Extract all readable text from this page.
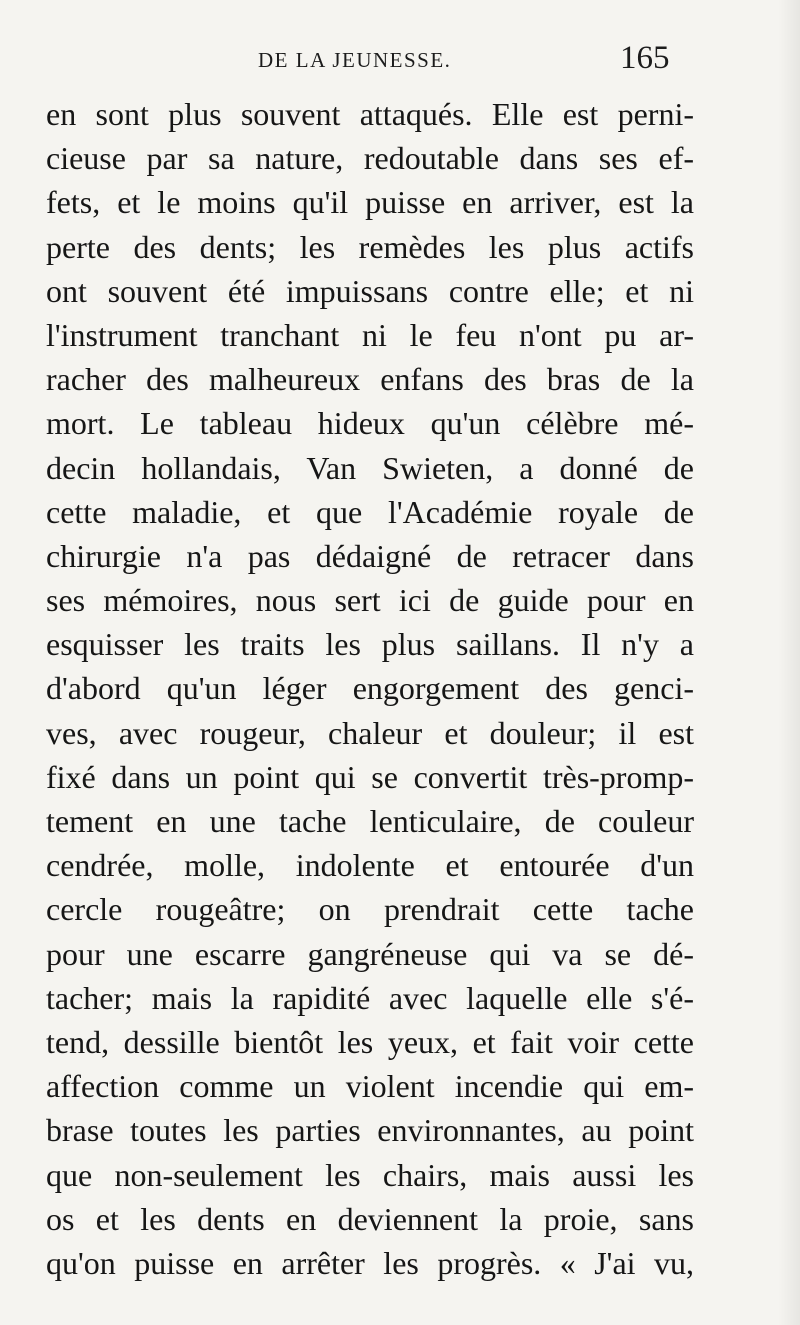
DE LA JEUNESSE.	165
en sont plus souvent attaqués. Elle est perni-
cieuse par sa nature, redoutable dans ses ef-
fets, et le moins qu'il puisse en arriver, est la
perte des dents; les remèdes les plus actifs
ont souvent été impuissans contre elle; et ni
l'instrument tranchant ni le feu n'ont pu ar-
racher des malheureux enfans des bras de la
mort. Le tableau hideux qu'un célèbre mé-
decin hollandais, Van Swieten, a donné de
cette maladie, et que l'Académie royale de
chirurgie n'a pas dédaigné de retracer dans
ses mémoires, nous sert ici de guide pour en
esquisser les traits les plus saillans. Il n'y a
d'abord qu'un léger engorgement des genci-
ves, avec rougeur, chaleur et douleur; il est
fixé dans un point qui se convertit très-promp-
tement en une tache lenticulaire, de couleur
cendrée, molle, indolente et entourée d'un
cercle rougeâtre; on prendrait cette tache
pour une escarre gangréneuse qui va se dé-
tacher; mais la rapidité avec laquelle elle s'é-
tend, dessille bientôt les yeux, et fait voir cette
affection comme un violent incendie qui em-
brase toutes les parties environnantes, au point
que non-seulement les chairs, mais aussi les
os et les dents en deviennent la proie, sans
qu'on puisse en arrêter les progrès. « J'ai vu,
